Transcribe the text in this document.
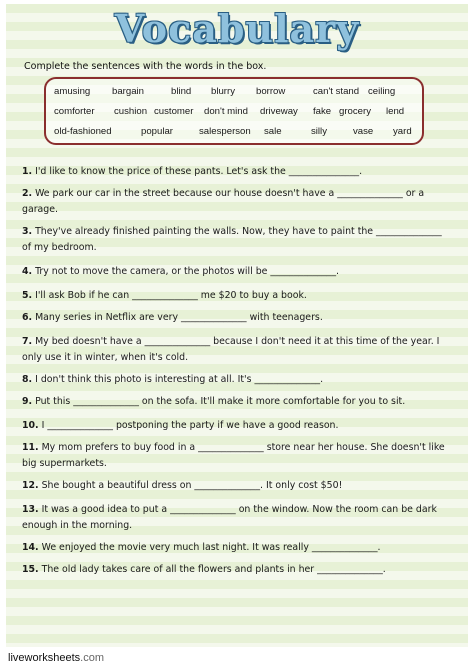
Vocabulary
Complete the sentences with the words in the box.
amusing bargain	blind blurry borrow	can't stand ceiling
comforter cushion customer don't mind driveway fake grocery lend
old-fashioned	popular	salesperson sale	silly	vase yard
1. I'd like to know the price of these pants. Let's ask the _______________.
2. We park our car in the street because our house doesn't have a ______________ or a garage.
3. They've already finished painting the walls. Now, they have to paint the ______________ of my bedroom.
4. Try not to move the camera, or the photos will be ______________.
5. I'll ask Bob if he can ______________ me $20 to buy a book.
6. Many series in Netflix are very ______________ with teenagers.
7. My bed doesn't have a ______________ because I don't need it at this time of the year. I only use it in winter, when it's cold.
8. I don't think this photo is interesting at all. It's ______________.
9. Put this ______________ on the sofa. It'll make it more comfortable for you to sit.
10. I ______________ postponing the party if we have a good reason.
11. My mom prefers to buy food in a ______________ store near her house. She doesn't like big supermarkets.
12. She bought a beautiful dress on ______________. It only cost $50!
13. It was a good idea to put a ______________ on the window. Now the room can be dark enough in the morning.
14. We enjoyed the movie very much last night. It was really ______________.
15. The old lady takes care of all the flowers and plants in her ______________.
liveworksheets.com
